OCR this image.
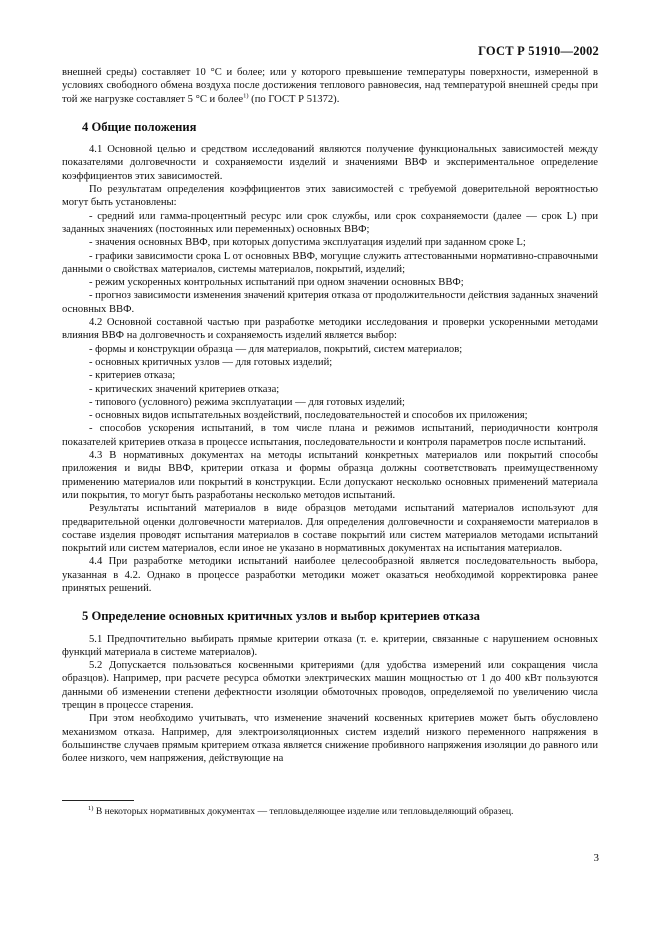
ГОСТ Р 51910—2002

внешней среды) составляет 10 °С и более; или у которого превышение температуры поверхности, измеренной в условиях свободного обмена воздуха после достижения теплового равновесия, над температурой внешней среды при той же нагрузке составляет 5 °С и более$^{1)}$ (по ГОСТ Р 51372).

4 Общие положения

4.1 Основной целью и средством исследований являются получение функциональных зависимостей между показателями долговечности и сохраняемости изделий и значениями ВВФ и экспериментальное определение коэффициентов этих зависимостей.

По результатам определения коэффициентов этих зависимостей с требуемой доверительной вероятностью могут быть установлены:

- средний или гамма-процентный ресурс или срок службы, или срок сохраняемости (далее — срок L) при заданных значениях (постоянных или переменных) основных ВВФ;

- значения основных ВВФ, при которых допустима эксплуатация изделий при заданном сроке L;

- графики зависимости срока L от основных ВВФ, могущие служить аттестованными нормативно-справочными данными о свойствах материалов, системы материалов, покрытий, изделий;

- режим ускоренных контрольных испытаний при одном значении основных ВВФ;

- прогноз зависимости изменения значений критерия отказа от продолжительности действия заданных значений основных ВВФ.

4.2 Основной составной частью при разработке методики исследования и проверки ускоренными методами влияния ВВФ на долговечность и сохраняемость изделий является выбор:

- формы и конструкции образца — для материалов, покрытий, систем материалов;

- основных критичных узлов — для готовых изделий;

- критериев отказа;

- критических значений критериев отказа;

- типового (условного) режима эксплуатации — для готовых изделий;

- основных видов испытательных воздействий, последовательностей и способов их приложения;

- способов ускорения испытаний, в том числе плана и режимов испытаний, периодичности контроля показателей критериев отказа в процессе испытания, последовательности и контроля параметров после испытаний.

4.3 В нормативных документах на методы испытаний конкретных материалов или покрытий способы приложения и виды ВВФ, критерии отказа и формы образца должны соответствовать преимущественному применению материалов или покрытий в конструкции. Если допускают несколько основных применений материала или покрытия, то могут быть разработаны несколько методов испытаний.

Результаты испытаний материалов в виде образцов методами испытаний материалов используют для предварительной оценки долговечности материалов. Для определения долговечности и сохраняемости материалов в составе изделия проводят испытания материалов в составе покрытий или систем материалов методами испытаний покрытий или систем материалов, если иное не указано в нормативных документах на испытания материалов.

4.4 При разработке методики испытаний наиболее целесообразной является последовательность выбора, указанная в 4.2. Однако в процессе разработки методики может оказаться необходимой корректировка ранее принятых решений.

5 Определение основных критичных узлов и выбор критериев отказа

5.1 Предпочтительно выбирать прямые критерии отказа (т. е. критерии, связанные с нарушением основных функций материала в системе материалов).

5.2 Допускается пользоваться косвенными критериями (для удобства измерений или сокращения числа образцов). Например, при расчете ресурса обмотки электрических машин мощностью от 1 до 400 кВт пользуются данными об изменении степени дефектности изоляции обмоточных проводов, определяемой по увеличению числа трещин в процессе старения.

При этом необходимо учитывать, что изменение значений косвенных критериев может быть обусловлено механизмом отказа. Например, для электроизоляционных систем изделий низкого переменного напряжения в большинстве случаев прямым критерием отказа является снижение пробивного напряжения изоляции до равного или более низкого, чем напряжения, действующие на

$^{1)}$ В некоторых нормативных документах — тепловыделяющее изделие или тепловыделяющий образец.
3
